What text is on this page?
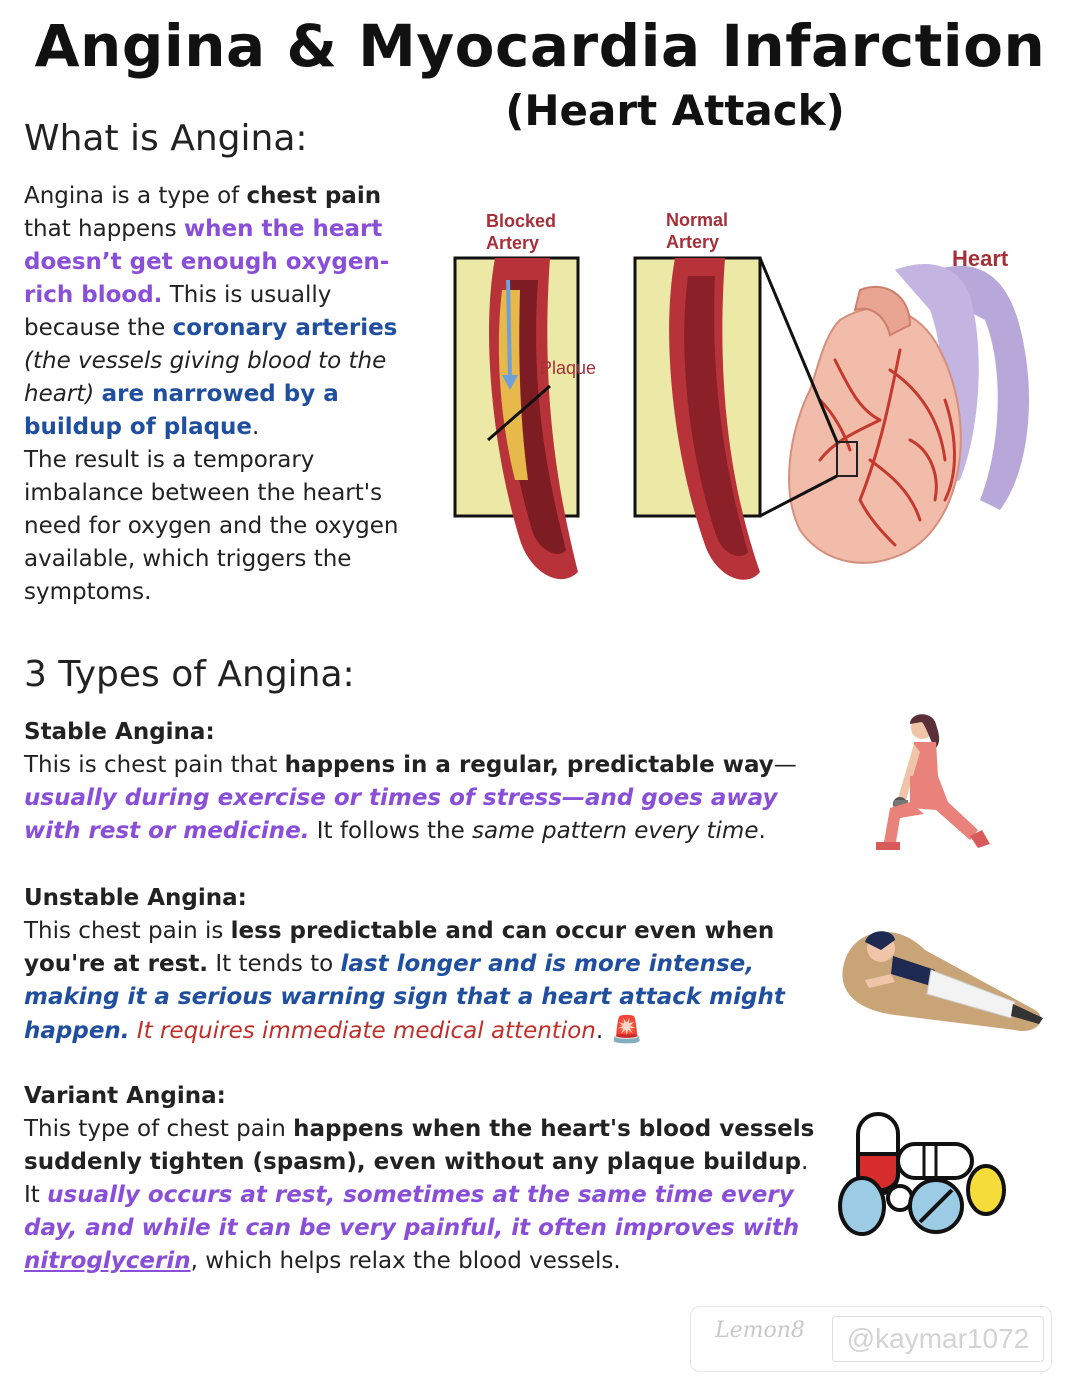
Angina & Myocardia Infarction
(Heart Attack)
What is Angina:
Angina is a type of chest pain that happens when the heart doesn’t get enough oxygen-rich blood. This is usually because the coronary arteries (the vessels giving blood to the heart) are narrowed by a buildup of plaque.
The result is a temporary imbalance between the heart's need for oxygen and the oxygen available, which triggers the symptoms.
Blocked
Artery
Normal
Artery
Plaque
Heart
3 Types of Angina:
Stable Angina:
This is chest pain that happens in a regular, predictable way— usually during exercise or times of stress—and goes away with rest or medicine. It follows the same pattern every time.
Unstable Angina:
This chest pain is less predictable and can occur even when you're at rest. It tends to last longer and is more intense, making it a serious warning sign that a heart attack might happen. It requires immediate medical attention. 🚨
Variant Angina:
This type of chest pain happens when the heart's blood vessels suddenly tighten (spasm), even without any plaque buildup. It usually occurs at rest, sometimes at the same time every day, and while it can be very painful, it often improves with nitroglycerin, which helps relax the blood vessels.
Lemon8	@kaymar1072
